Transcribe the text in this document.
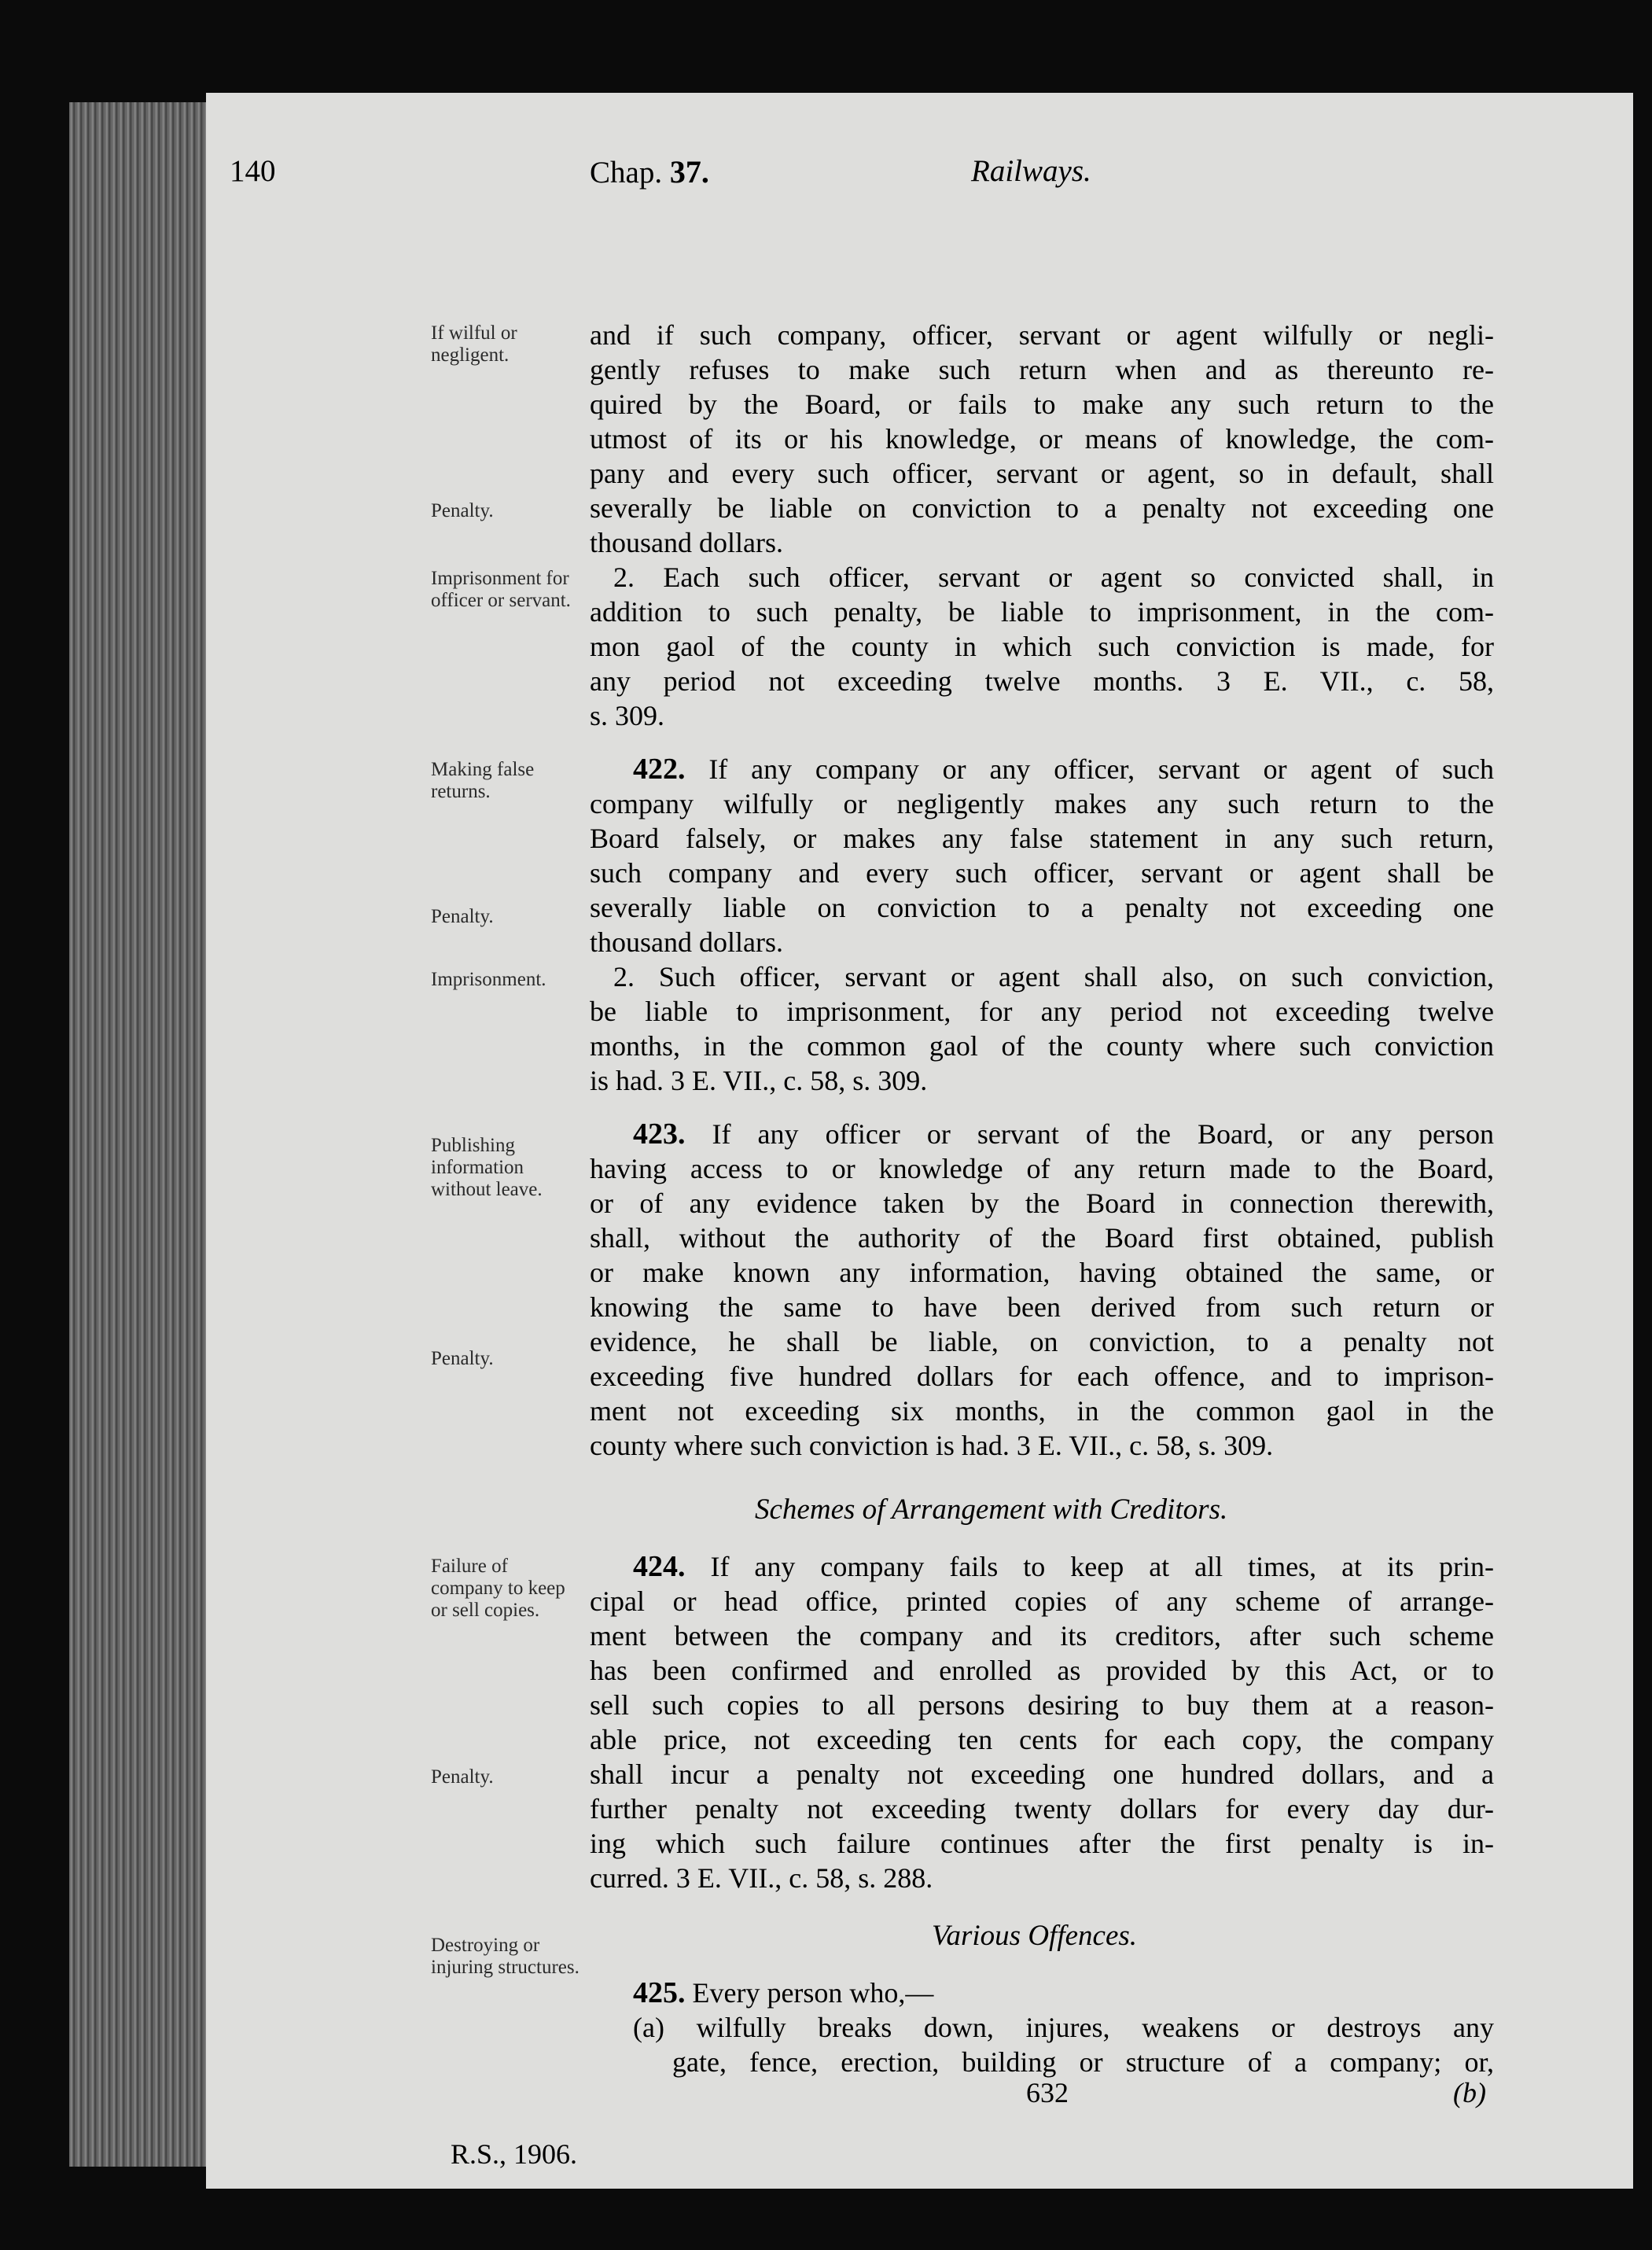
140	Chap. 37.	Railways.
If wilful or negligent.
Penalty.
Imprisonment for officer or servant.
Making false returns.
Penalty.
Imprisonment.
Publishing information without leave.
Penalty.
Failure of company to keep or sell copies.
Penalty.
Destroying or injuring structures.
and if such company, officer, servant or agent wilfully or negli-
gently refuses to make such return when and as thereunto re-
quired by the Board, or fails to make any such return to the
utmost of its or his knowledge, or means of knowledge, the com-
pany and every such officer, servant or agent, so in default, shall
severally be liable on conviction to a penalty not exceeding one
thousand dollars.
2. Each such officer, servant or agent so convicted shall, in
addition to such penalty, be liable to imprisonment, in the com-
mon gaol of the county in which such conviction is made, for
any period not exceeding twelve months. 3 E. VII., c. 58,
s. 309.
422. If any company or any officer, servant or agent of such
company wilfully or negligently makes any such return to the
Board falsely, or makes any false statement in any such return,
such company and every such officer, servant or agent shall be
severally liable on conviction to a penalty not exceeding one
thousand dollars.
2. Such officer, servant or agent shall also, on such conviction,
be liable to imprisonment, for any period not exceeding twelve
months, in the common gaol of the county where such conviction
is had. 3 E. VII., c. 58, s. 309.
423. If any officer or servant of the Board, or any person
having access to or knowledge of any return made to the Board,
or of any evidence taken by the Board in connection therewith,
shall, without the authority of the Board first obtained, publish
or make known any information, having obtained the same, or
knowing the same to have been derived from such return or
evidence, he shall be liable, on conviction, to a penalty not
exceeding five hundred dollars for each offence, and to imprison-
ment not exceeding six months, in the common gaol in the
county where such conviction is had. 3 E. VII., c. 58, s. 309.
Schemes of Arrangement with Creditors.
424. If any company fails to keep at all times, at its prin-
cipal or head office, printed copies of any scheme of arrange-
ment between the company and its creditors, after such scheme
has been confirmed and enrolled as provided by this Act, or to
sell such copies to all persons desiring to buy them at a reason-
able price, not exceeding ten cents for each copy, the company
shall incur a penalty not exceeding one hundred dollars, and a
further penalty not exceeding twenty dollars for every day dur-
ing which such failure continues after the first penalty is in-
curred. 3 E. VII., c. 58, s. 288.
Various Offences.
425. Every person who,—
(a) wilfully breaks down, injures, weakens or destroys any
gate, fence, erection, building or structure of a company; or,
632	(b)
R.S., 1906.
